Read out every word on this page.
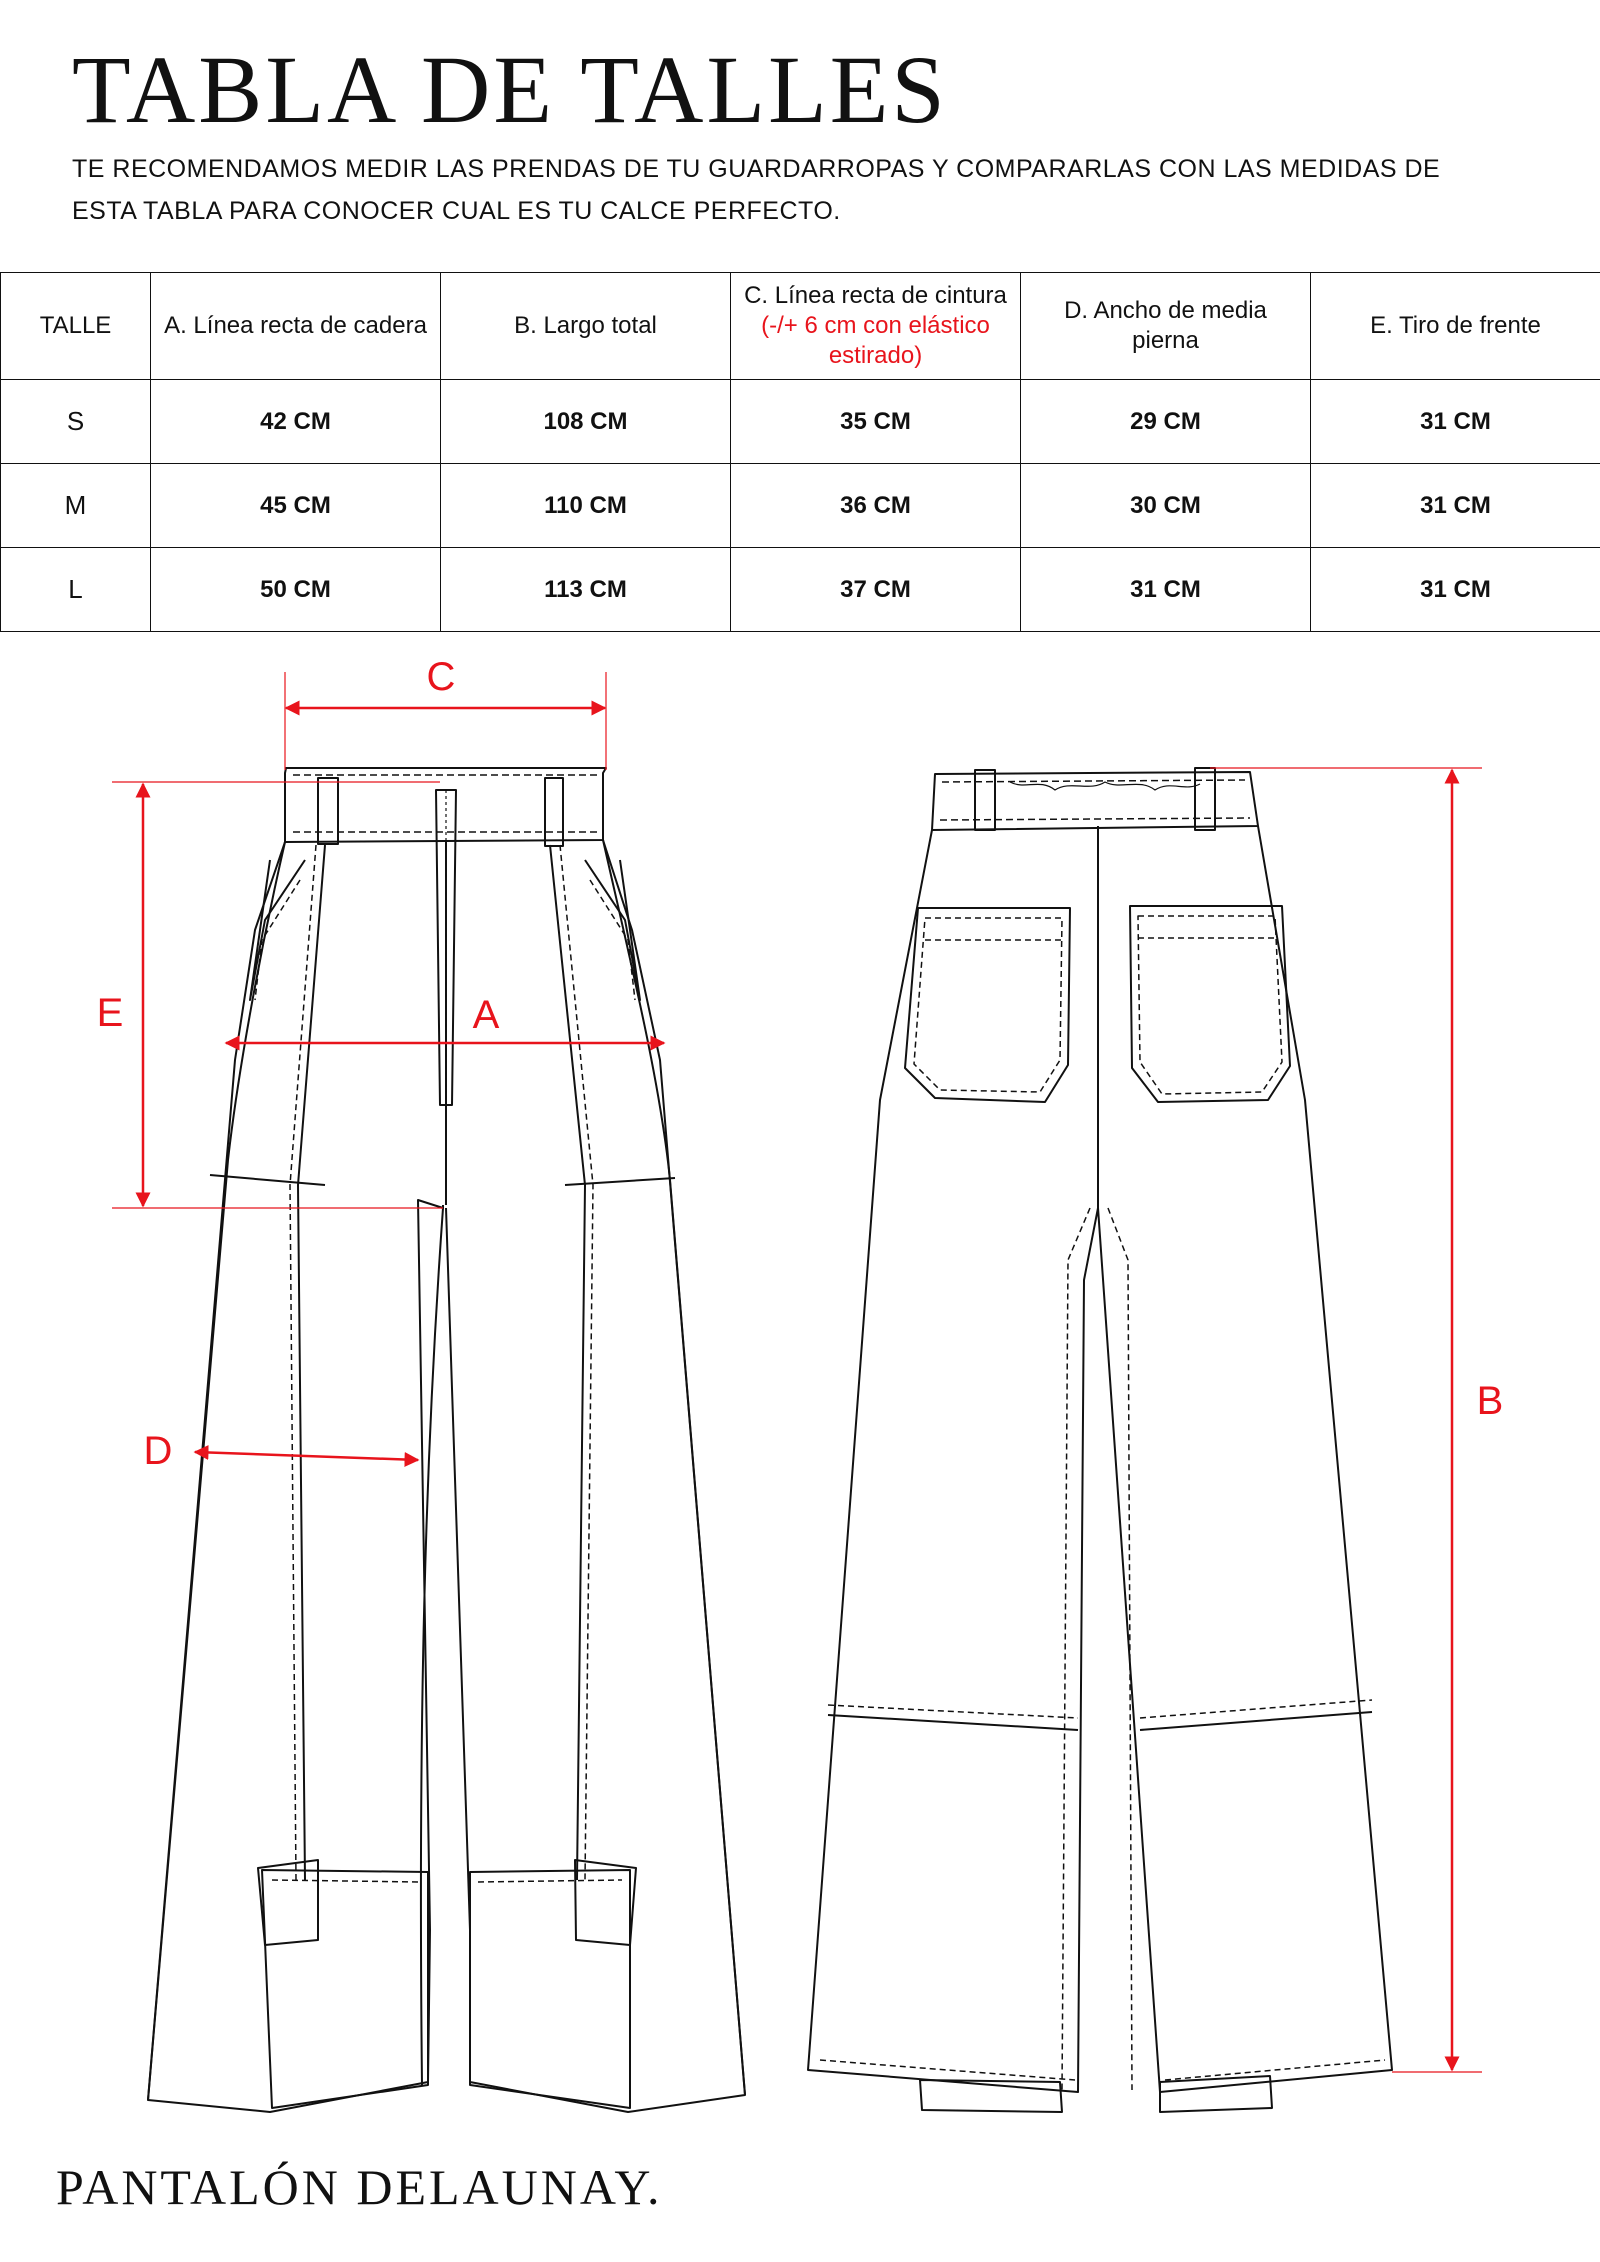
TABLA DE TALLES
TE RECOMENDAMOS MEDIR LAS PRENDAS DE TU GUARDARROPAS Y COMPARARLAS CON LAS MEDIDAS DE
ESTA TABLA PARA CONOCER CUAL ES TU CALCE PERFECTO.
TALLE	A. Línea recta de cadera	B. Largo total	C. Línea recta de cintura (-/+ 6 cm con elástico estirado)	D. Ancho de media pierna	E. Tiro de frente
S	42 CM	108 CM	35 CM	29 CM	31 CM
M	45 CM	110 CM	36 CM	30 CM	31 CM
L	50 CM	113 CM	37 CM	31 CM	31 CM
C
E	A
D
B
PANTALÓN DELAUNAY.
